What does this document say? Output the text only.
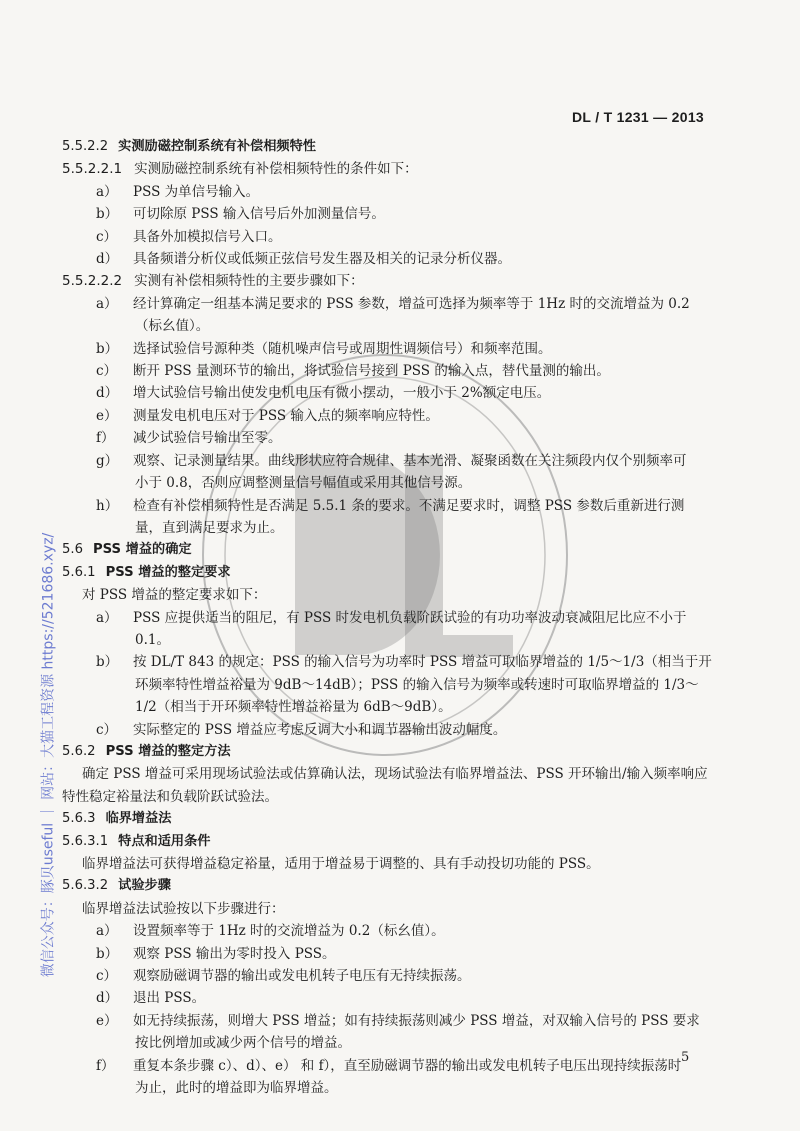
微信公众号：豚贝useful ｜ 网站：大猫工程资源 https://521686.xyz/
DL / T 1231 — 2013
5.5.2.2 实测励磁控制系统有补偿相频特性
5.5.2.2.1 实测励磁控制系统有补偿相频特性的条件如下：
a）	PSS 为单信号输入。
b）	可切除原 PSS 输入信号后外加测量信号。
c）	具备外加模拟信号入口。
d）	具备频谱分析仪或低频正弦信号发生器及相关的记录分析仪器。
5.5.2.2.2 实测有补偿相频特性的主要步骤如下：
a）	经计算确定一组基本满足要求的 PSS 参数，增益可选择为频率等于 1Hz 时的交流增益为 0.2
（标幺值）。
b）	选择试验信号源种类（随机噪声信号或周期性调频信号）和频率范围。
c）	断开 PSS 量测环节的输出，将试验信号接到 PSS 的输入点，替代量测的输出。
d）	增大试验信号输出使发电机电压有微小摆动，一般小于 2%额定电压。
e）	测量发电机电压对于 PSS 输入点的频率响应特性。
f）	减少试验信号输出至零。
g）	观察、记录测量结果。曲线形状应符合规律、基本光滑、凝聚函数在关注频段内仅个别频率可
小于 0.8，否则应调整测量信号幅值或采用其他信号源。
h）	检查有补偿相频特性是否满足 5.5.1 条的要求。不满足要求时，调整 PSS 参数后重新进行测
量，直到满足要求为止。
5.6 PSS 增益的确定
5.6.1 PSS 增益的整定要求
对 PSS 增益的整定要求如下：
a）	PSS 应提供适当的阻尼，有 PSS 时发电机负载阶跃试验的有功功率波动衰减阻尼比应不小于
0.1。
b）	按 DL/T 843 的规定：PSS 的输入信号为功率时 PSS 增益可取临界增益的 1/5～1/3（相当于开
环频率特性增益裕量为 9dB～14dB）；PSS 的输入信号为频率或转速时可取临界增益的 1/3～
1/2（相当于开环频率特性增益裕量为 6dB～9dB）。
c）	实际整定的 PSS 增益应考虑反调大小和调节器输出波动幅度。
5.6.2 PSS 增益的整定方法
确定 PSS 增益可采用现场试验法或估算确认法，现场试验法有临界增益法、PSS 开环输出/输入频率响应特性稳定裕量法和负载阶跃试验法。
5.6.3 临界增益法
5.6.3.1 特点和适用条件
临界增益法可获得增益稳定裕量，适用于增益易于调整的、具有手动投切功能的 PSS。
5.6.3.2 试验步骤
临界增益法试验按以下步骤进行：
a）	设置频率等于 1Hz 时的交流增益为 0.2（标幺值）。
b）	观察 PSS 输出为零时投入 PSS。
c）	观察励磁调节器的输出或发电机转子电压有无持续振荡。
d）	退出 PSS。
e）	如无持续振荡，则增大 PSS 增益；如有持续振荡则减少 PSS 增益，对双输入信号的 PSS 要求
按比例增加或减少两个信号的增益。
f）	重复本条步骤 c）、d）、e） 和 f），直至励磁调节器的输出或发电机转子电压出现持续振荡时
为止，此时的增益即为临界增益。
5
